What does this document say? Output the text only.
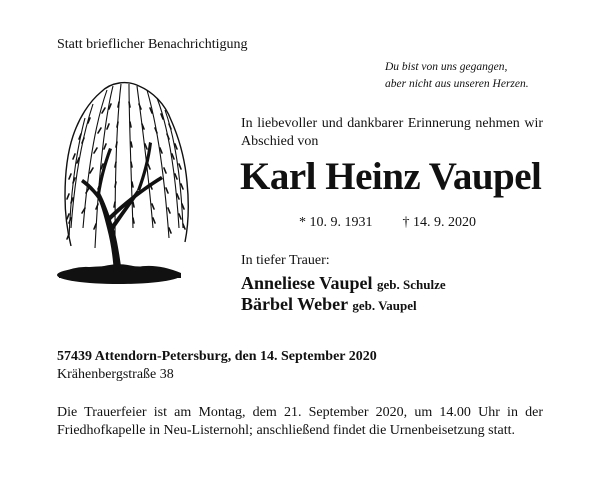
Statt brieflicher Benachrichtigung
Du bist von uns gegangen,
aber nicht aus unseren Herzen.
In liebevoller und dankbarer Erinnerung nehmen wir Abschied von
Karl Heinz Vaupel
* 10. 9. 1931 † 14. 9. 2020
In tiefer Trauer:
Anneliese Vaupel geb. Schulze
Bärbel Weber geb. Vaupel
57439 Attendorn-Petersburg, den 14. September 2020
Krähenbergstraße 38
Die Trauerfeier ist am Montag, dem 21. September 2020, um 14.00 Uhr in der Friedhofkapelle in Neu-Listernohl; anschließend findet die Urnenbeisetzung statt.
